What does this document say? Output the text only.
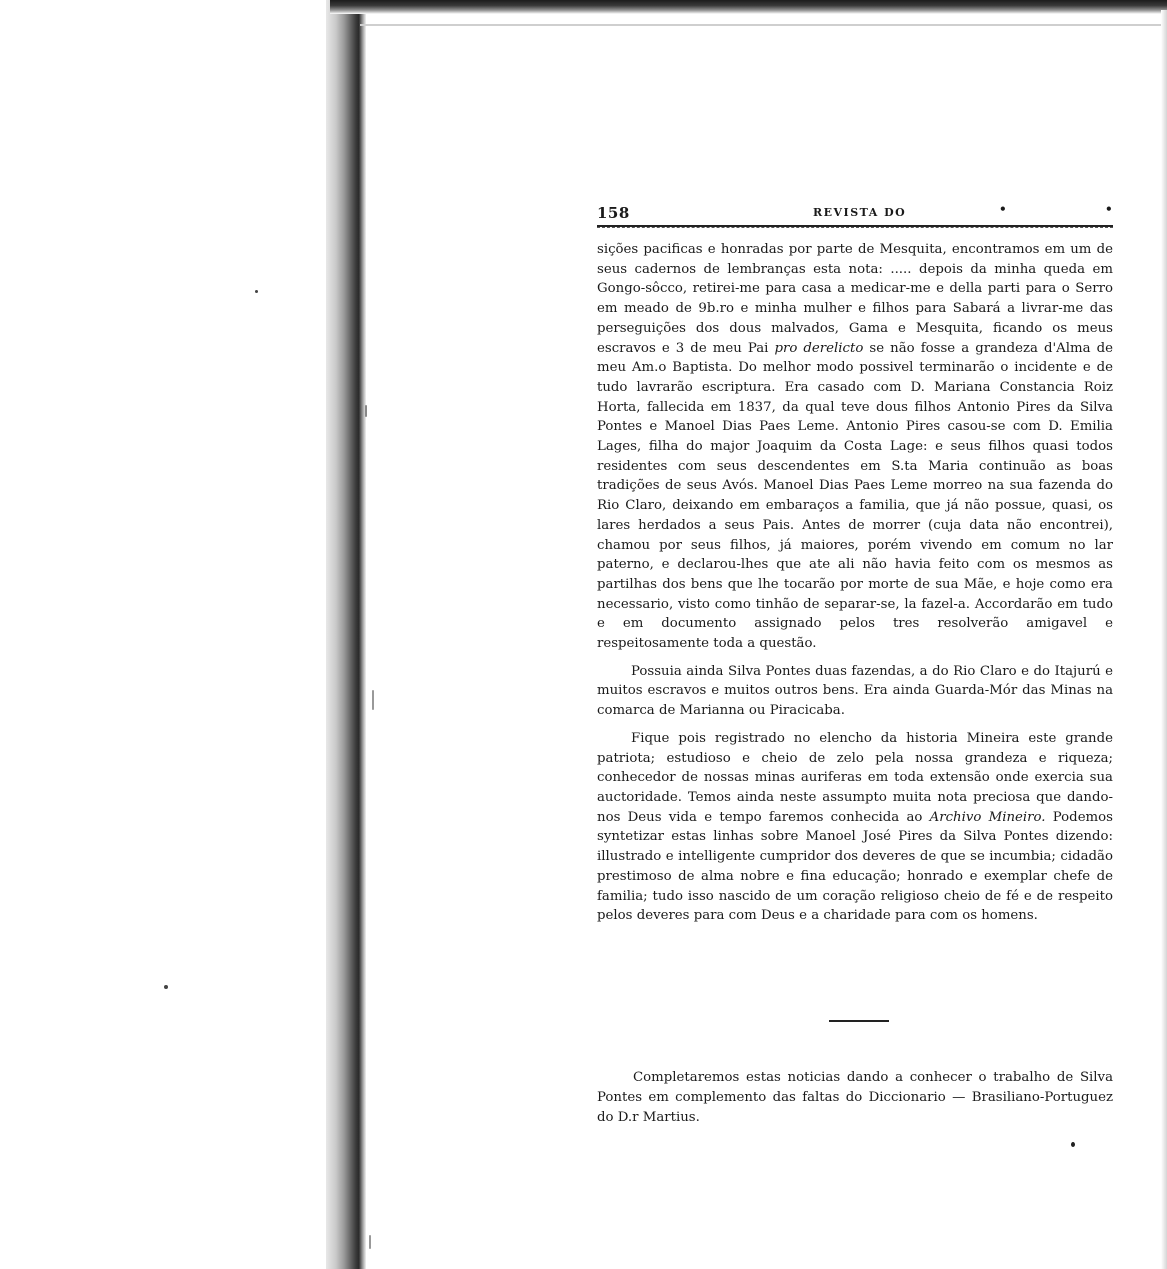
158	REVISTA DO	•	•

sições pacificas e honradas por parte de Mesquita, encontramos em um de seus cadernos de lembranças esta nota: ..... depois da minha queda em Gongo-sôcco, retirei-me para casa a medicar-me e della parti para o Serro em meado de 9b.ro e minha mulher e filhos para Sabará a livrar-me das perseguições dos dous malvados, Gama e Mesquita, ficando os meus escravos e 3 de meu Pai pro derelicto se não fosse a grandeza d'Alma de meu Am.o Baptista. Do melhor modo possivel terminarão o incidente e de tudo lavrarão escriptura. Era casado com D. Mariana Constancia Roiz Horta, fallecida em 1837, da qual teve dous filhos Antonio Pires da Silva Pontes e Manoel Dias Paes Leme. Antonio Pires casou-se com D. Emilia Lages, filha do major Joaquim da Costa Lage: e seus filhos quasi todos residentes com seus descendentes em S.ta Maria continuão as boas tradições de seus Avós. Manoel Dias Paes Leme morreo na sua fazenda do Rio Claro, deixando em embaraços a familia, que já não possue, quasi, os lares herdados a seus Pais. Antes de morrer (cuja data não encontrei), chamou por seus filhos, já maiores, porém vivendo em comum no lar paterno, e declarou-lhes que ate ali não havia feito com os mesmos as partilhas dos bens que lhe tocarão por morte de sua Mãe, e hoje como era necessario, visto como tinhão de separar-se, la fazel-a. Accordarão em tudo e em documento assignado pelos tres resolverão amigavel e respeitosamente toda a questão.

Possuia ainda Silva Pontes duas fazendas, a do Rio Claro e do Itajurú e muitos escravos e muitos outros bens. Era ainda Guarda-Mór das Minas na comarca de Marianna ou Piracicaba.

Fique pois registrado no elencho da historia Mineira este grande patriota; estudioso e cheio de zelo pela nossa grandeza e riqueza; conhecedor de nossas minas auriferas em toda extensão onde exercia sua auctoridade. Temos ainda neste assumpto muita nota preciosa que dando-nos Deus vida e tempo faremos conhecida ao Archivo Mineiro. Podemos syntetizar estas linhas sobre Manoel José Pires da Silva Pontes dizendo: illustrado e intelligente cumpridor dos deveres de que se incumbia; cidadão prestimoso de alma nobre e fina educação; honrado e exemplar chefe de familia; tudo isso nascido de um coração religioso cheio de fé e de respeito pelos deveres para com Deus e a charidade para com os homens.

Completaremos estas noticias dando a conhecer o trabalho de Silva Pontes em complemento das faltas do Diccionario — Brasiliano-Portuguez do D.r Martius.
